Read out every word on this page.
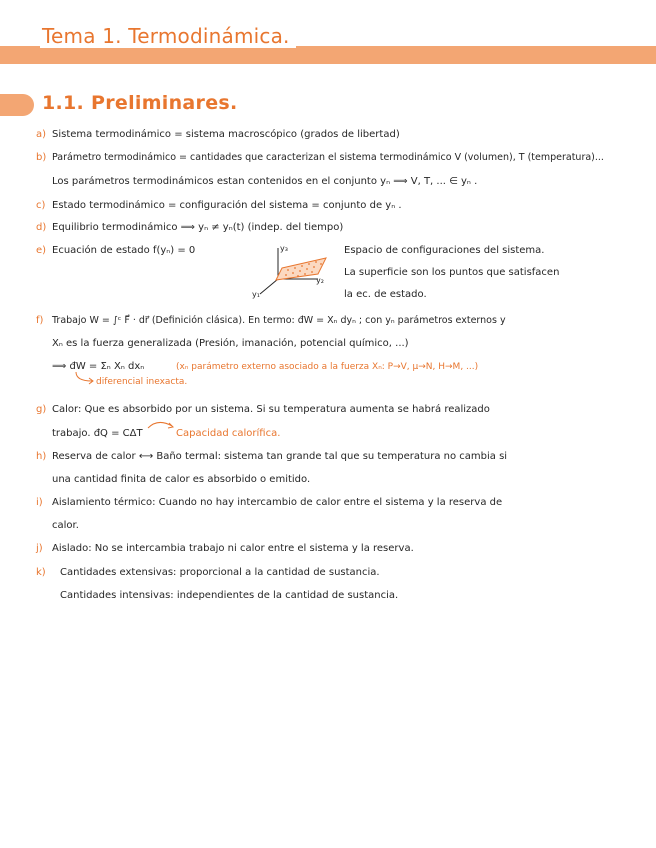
Tema 1. Termodinámica.
1.1. Preliminares.
a) Sistema termodinámico = sistema macroscópico (grados de libertad)
b) Parámetro termodinámico = cantidades que caracterizan el sistema termodinámico V (volumen), T (temperatura)...
Los parámetros termodinámicos estan contenidos en el conjunto yₙ ⟹ V, T, ... ∈ yₙ .
c) Estado termodinámico = configuración del sistema = conjunto de yₙ .
d) Equilibrio termodinámico ⟹ yₙ ≠ yₙ(t) (indep. del tiempo)
e) Ecuación de estado f(yₙ) = 0	y₃
y₂
y₁
Espacio de configuraciones del sistema.
La superficie son los puntos que satisfacen
la ec. de estado.
f) Trabajo W = ∫ᶜ F⃗ · dr⃗ (Definición clásica). En termo: đW = Xₙ dyₙ ; con yₙ parámetros externos y
Xₙ es la fuerza generalizada (Presión, imanación, potencial químico, ...)
⟹ đW = Σₙ Xₙ dxₙ	(xₙ parámetro externo asociado a la fuerza Xₙ: P→V, μ→N, H→M, ...)
diferencial inexacta.
g) Calor: Que es absorbido por un sistema. Si su temperatura aumenta se habrá realizado
trabajo. đQ = CΔT	Capacidad calorífica.
h) Reserva de calor ⟷ Baño termal: sistema tan grande tal que su temperatura no cambia si
una cantidad finita de calor es absorbido o emitido.
i) Aislamiento térmico: Cuando no hay intercambio de calor entre el sistema y la reserva de
calor.
j) Aislado: No se intercambia trabajo ni calor entre el sistema y la reserva.
k) Cantidades extensivas: proporcional a la cantidad de sustancia.
Cantidades intensivas: independientes de la cantidad de sustancia.
